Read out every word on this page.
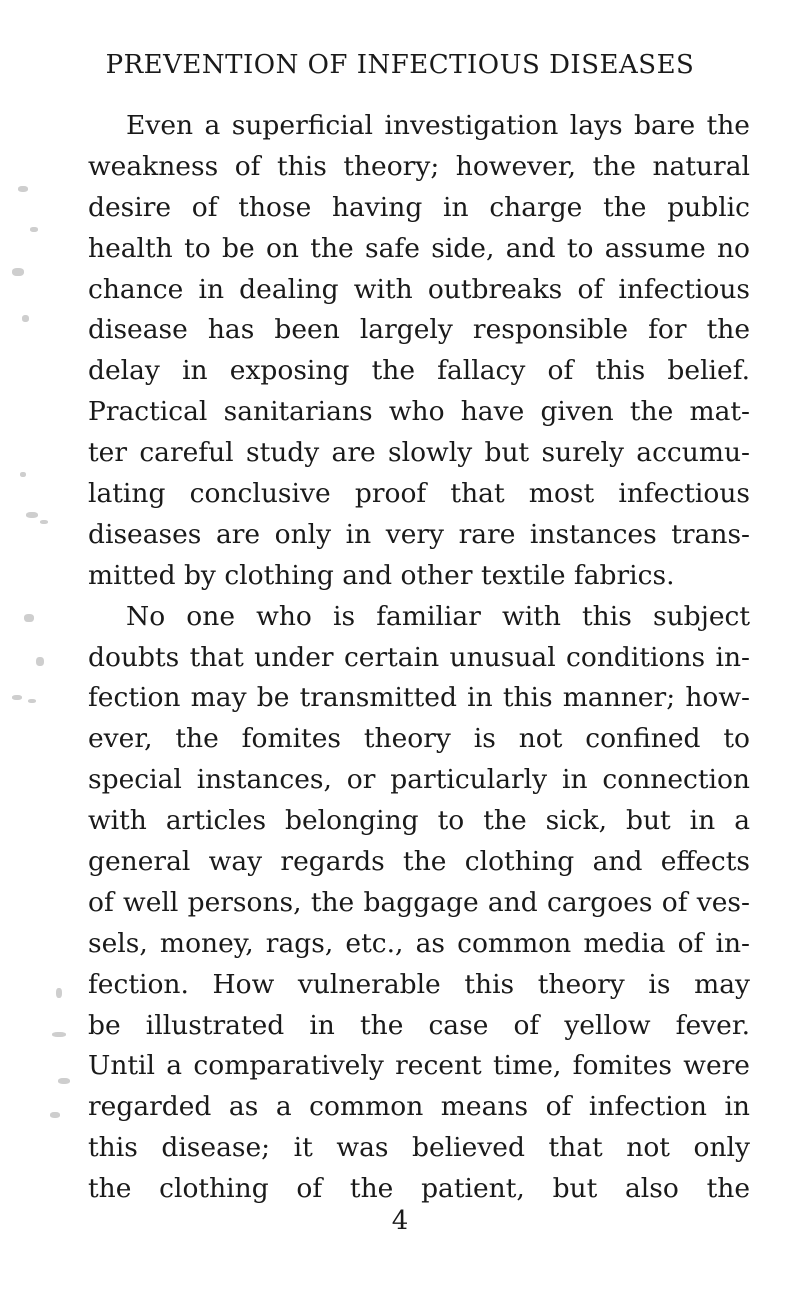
PREVENTION OF INFECTIOUS DISEASES
Even a superficial investigation lays bare the
weakness of this theory; however, the natural
desire of those having in charge the public
health to be on the safe side, and to assume no
chance in dealing with outbreaks of infectious
disease has been largely responsible for the
delay in exposing the fallacy of this belief.
Practical sanitarians who have given the mat-
ter careful study are slowly but surely accumu-
lating conclusive proof that most infectious
diseases are only in very rare instances trans-
mitted by clothing and other textile fabrics.
No one who is familiar with this subject
doubts that under certain unusual conditions in-
fection may be transmitted in this manner; how-
ever, the fomites theory is not confined to
special instances, or particularly in connection
with articles belonging to the sick, but in a
general way regards the clothing and effects
of well persons, the baggage and cargoes of ves-
sels, money, rags, etc., as common media of in-
fection. How vulnerable this theory is may
be illustrated in the case of yellow fever.
Until a comparatively recent time, fomites were
regarded as a common means of infection in
this disease; it was believed that not only
the clothing of the patient, but also the
4
